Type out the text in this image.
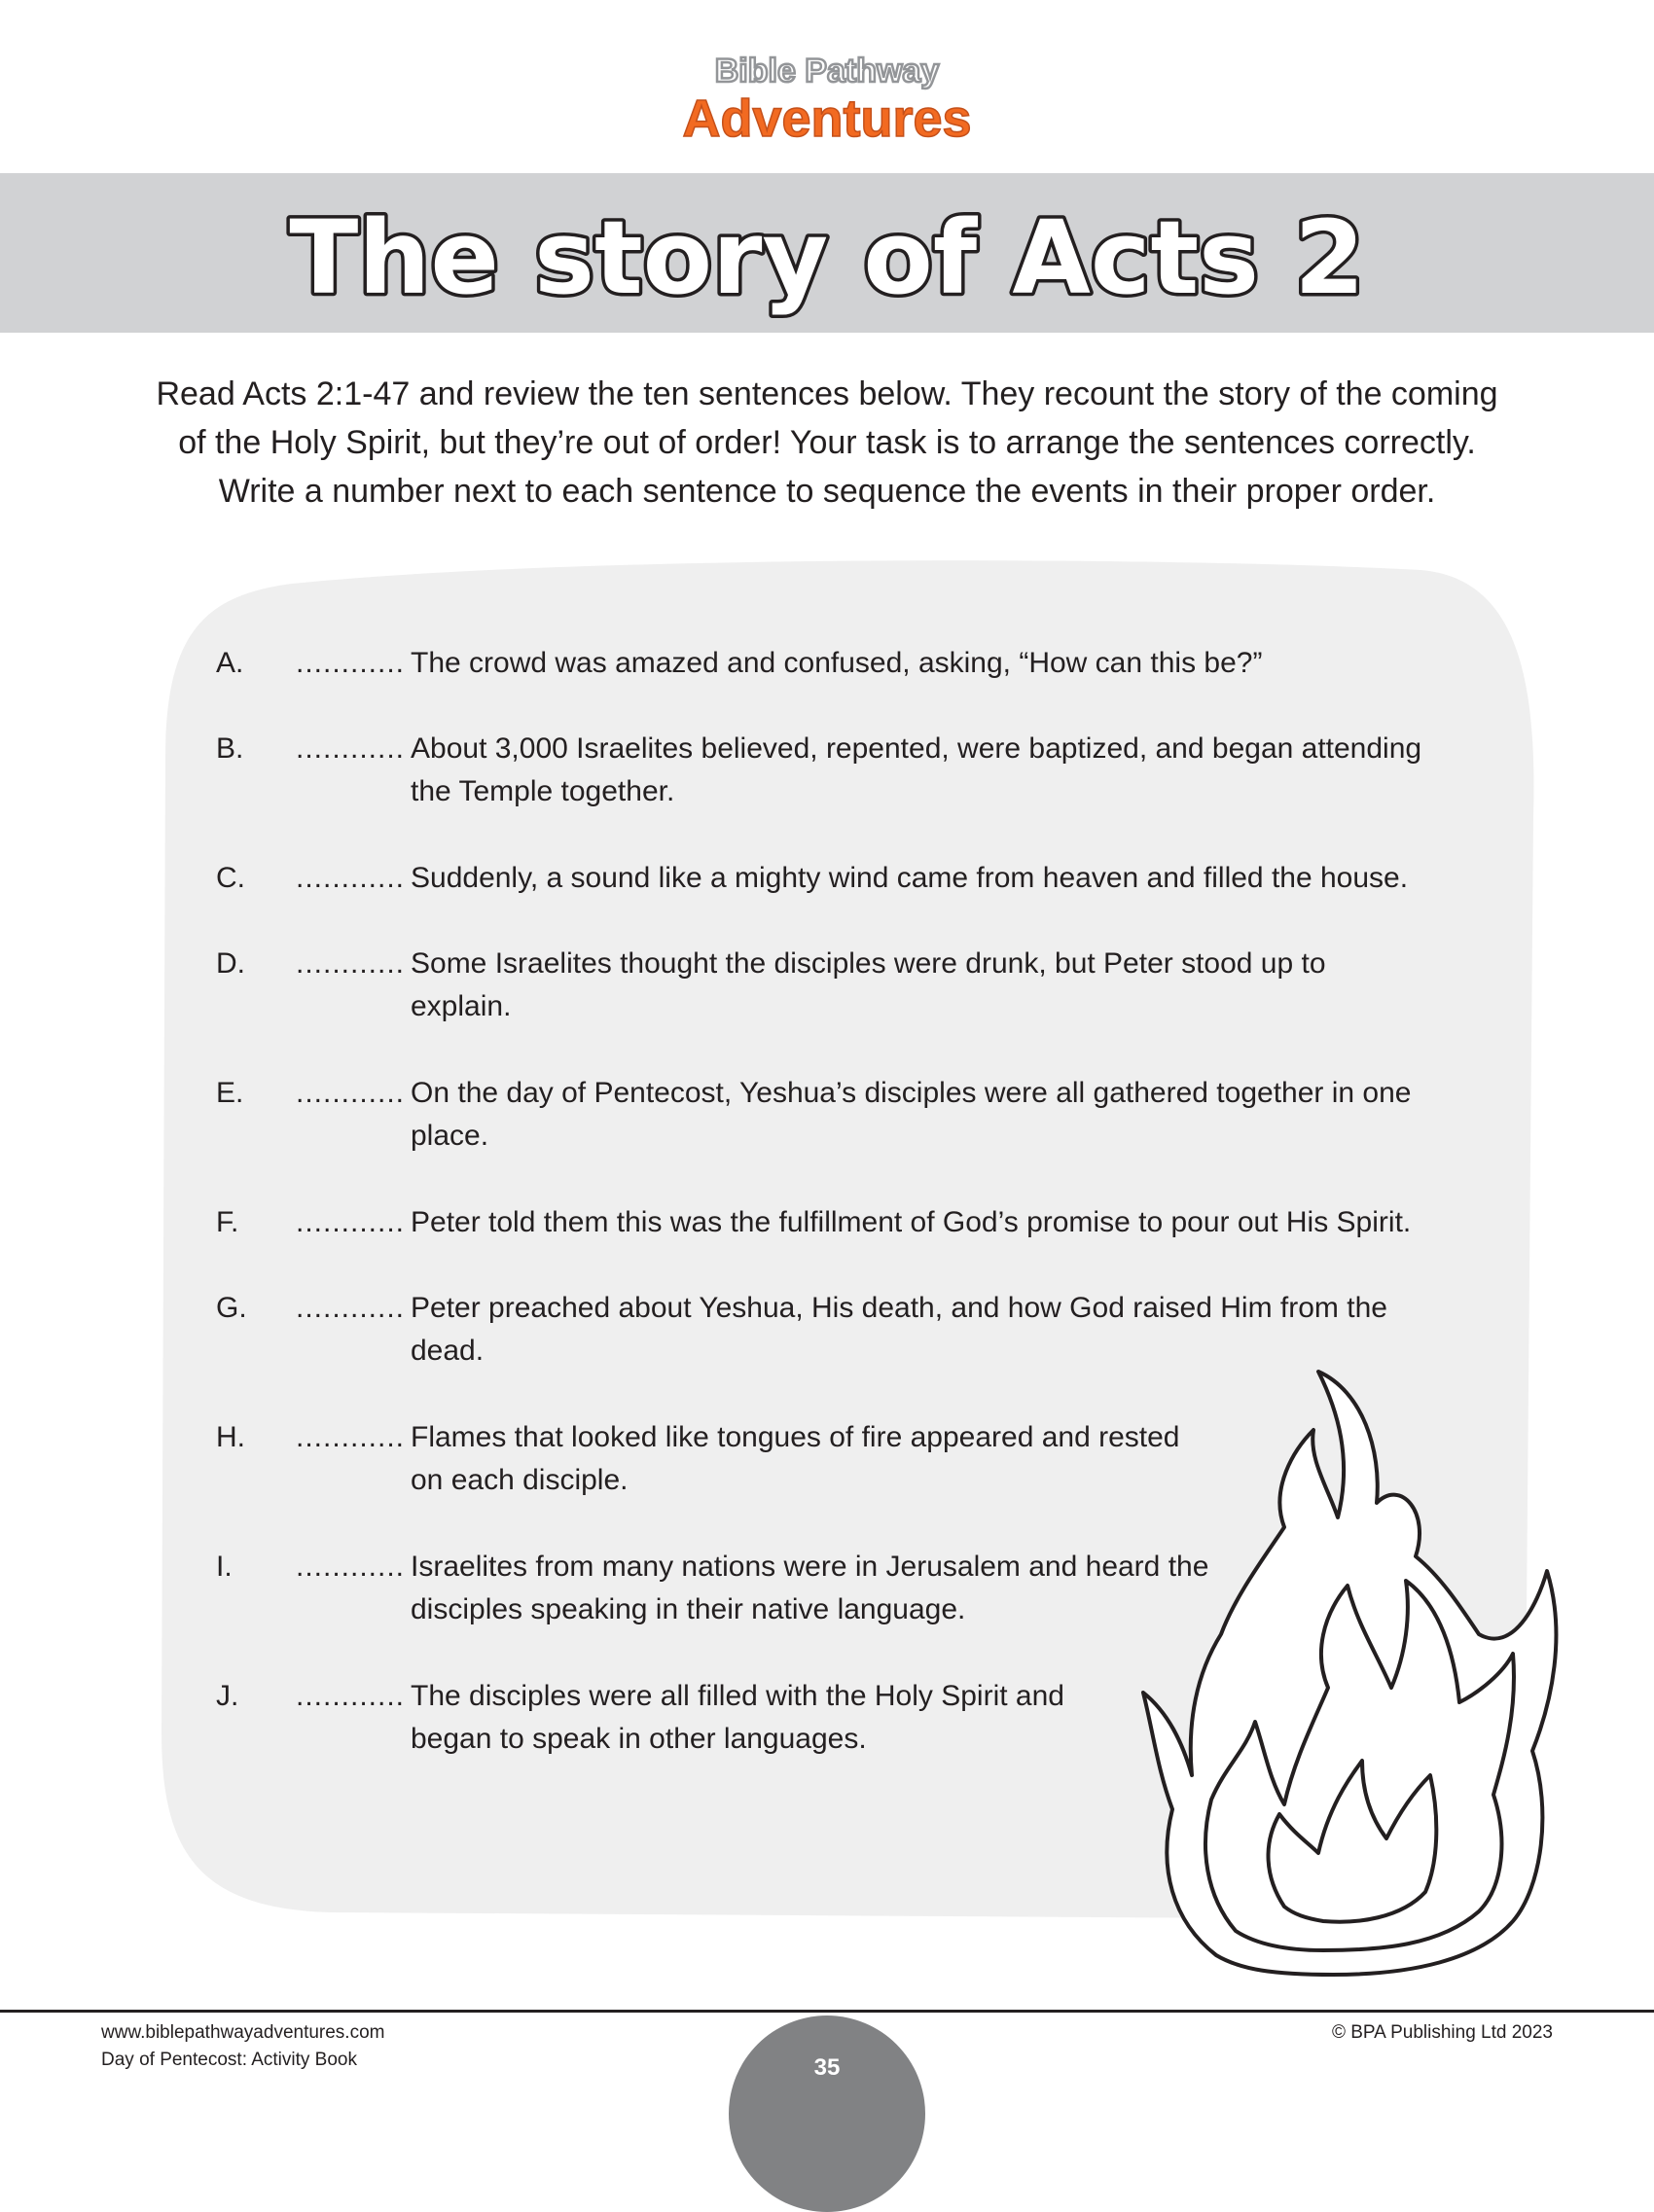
Bible Pathway
Adventures
The story of Acts 2
Read Acts 2:1-47 and review the ten sentences below. They recount the story of the coming
of the Holy Spirit, but they’re out of order! Your task is to arrange the sentences correctly.
Write a number next to each sentence to sequence the events in their proper order.
A. ............ The crowd was amazed and confused, asking, “How can this be?”
B. ............ About 3,000 Israelites believed, repented, were baptized, and began attending
the Temple together.
C. ............ Suddenly, a sound like a mighty wind came from heaven and filled the house.
D. ............ Some Israelites thought the disciples were drunk, but Peter stood up to
explain.
E. ............ On the day of Pentecost, Yeshua’s disciples were all gathered together in one
place.
F. ............ Peter told them this was the fulfillment of God’s promise to pour out His Spirit.
G. ............ Peter preached about Yeshua, His death, and how God raised Him from the
dead.
H. ............ Flames that looked like tongues of fire appeared and rested
on each disciple.
I. ............ Israelites from many nations were in Jerusalem and heard the
disciples speaking in their native language.
J. ............ The disciples were all filled with the Holy Spirit and
began to speak in other languages.
www.biblepathwayadventures.com
Day of Pentecost: Activity Book
© BPA Publishing Ltd 2023
35
